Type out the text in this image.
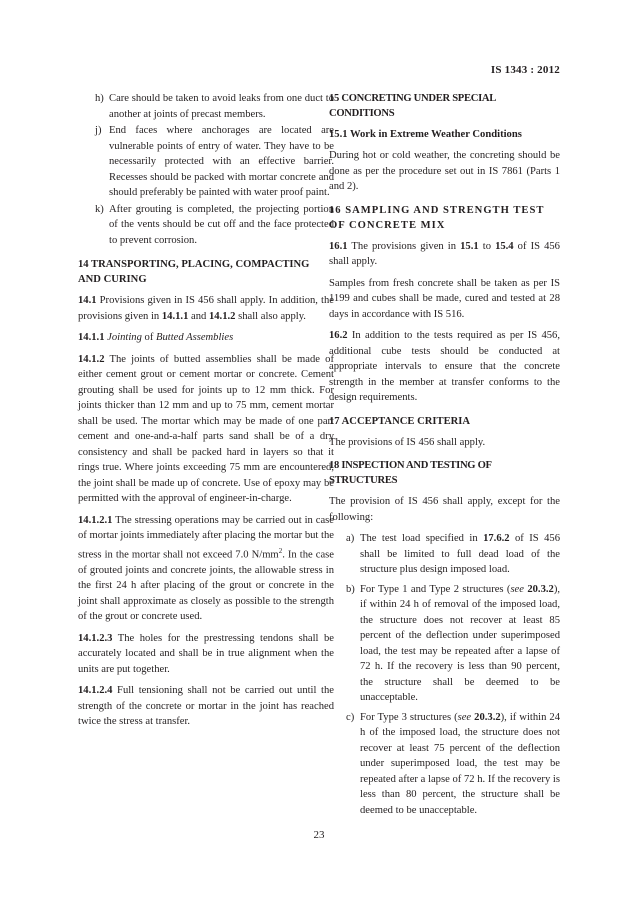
IS 1343 : 2012
h) Care should be taken to avoid leaks from one duct to another at joints of precast members.
j) End faces where anchorages are located are vulnerable points of entry of water. They have to be necessarily protected with an effective barrier. Recesses should be packed with mortar concrete and should preferably be painted with water proof paint.
k) After grouting is completed, the projecting portion of the vents should be cut off and the face protected to prevent corrosion.
14 TRANSPORTING, PLACING, COMPACTING AND CURING

14.1 Provisions given in IS 456 shall apply. In addition, the provisions given in 14.1.1 and 14.1.2 shall also apply.

14.1.1 Jointing of Butted Assemblies

14.1.2 The joints of butted assemblies shall be made of either cement grout or cement mortar or concrete. Cement grouting shall be used for joints up to 12 mm thick. For joints thicker than 12 mm and up to 75 mm, cement mortar shall be used. The mortar which may be made of one part cement and one-and-a-half parts sand shall be of a dry consistency and shall be packed hard in layers so that it rings true. Where joints exceeding 75 mm are encountered, the joint shall be made up of concrete. Use of epoxy may be permitted with the approval of engineer-in-charge.

14.1.2.1 The stressing operations may be carried out in case of mortar joints immediately after placing the mortar but the stress in the mortar shall not exceed 7.0 $N/mm^2$. In the case of grouted joints and concrete joints, the allowable stress in the first 24 h after placing of the grout or concrete in the joint shall approximate as closely as possible to the strength of the grout or concrete used.

14.1.2.3 The holes for the prestressing tendons shall be accurately located and shall be in true alignment when the units are put together.

14.1.2.4 Full tensioning shall not be carried out until the strength of the concrete or mortar in the joint has reached twice the stress at transfer.

15 CONCRETING UNDER SPECIAL CONDITIONS
15.1 Work in Extreme Weather Conditions

During hot or cold weather, the concreting should be done as per the procedure set out in IS 7861 (Parts 1 and 2).

16 SAMPLING AND STRENGTH TEST OF CONCRETE MIX

16.1 The provisions given in 15.1 to 15.4 of IS 456 shall apply.

Samples from fresh concrete shall be taken as per IS 1199 and cubes shall be made, cured and tested at 28 days in accordance with IS 516.

16.2 In addition to the tests required as per IS 456, additional cube tests should be conducted at appropriate intervals to ensure that the concrete strength in the member at transfer conforms to the design requirements.

17 ACCEPTANCE CRITERIA

The provisions of IS 456 shall apply.

18 INSPECTION AND TESTING OF STRUCTURES

The provision of IS 456 shall apply, except for the following:

a) The test load specified in 17.6.2 of IS 456 shall be limited to full dead load of the structure plus design imposed load.
b) For Type 1 and Type 2 structures (see 20.3.2), if within 24 h of removal of the imposed load, the structure does not recover at least 85 percent of the deflection under superimposed load, the test may be repeated after a lapse of 72 h. If the recovery is less than 90 percent, the structure shall be deemed to be unacceptable.
c) For Type 3 structures (see 20.3.2), if within 24 h of the imposed load, the structure does not recover at least 75 percent of the deflection under superimposed load, the test may be repeated after a lapse of 72 h. If the recovery is less than 80 percent, the structure shall be deemed to be unacceptable.
23
